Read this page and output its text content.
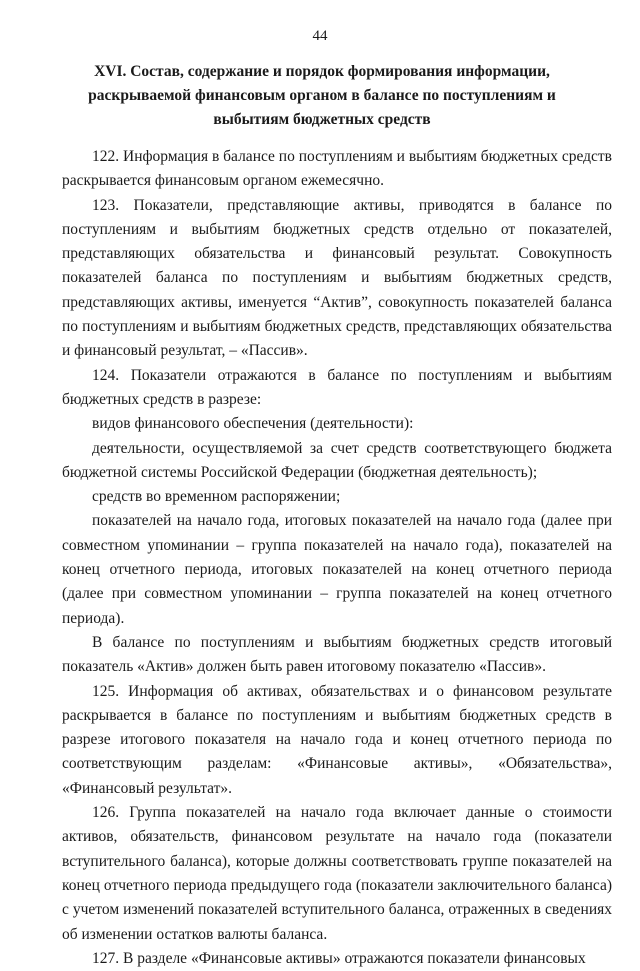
44
XVI. Состав, содержание и порядок формирования информации, раскрываемой финансовым органом в балансе по поступлениям и выбытиям бюджетных средств

122. Информация в балансе по поступлениям и выбытиям бюджетных средств раскрывается финансовым органом ежемесячно.

123. Показатели, представляющие активы, приводятся в балансе по поступлениям и выбытиям бюджетных средств отдельно от показателей, представляющих обязательства и финансовый результат. Совокупность показателей баланса по поступлениям и выбытиям бюджетных средств, представляющих активы, именуется “Актив”, совокупность показателей баланса по поступлениям и выбытиям бюджетных средств, представляющих обязательства и финансовый результат, – «Пассив».

124. Показатели отражаются в балансе по поступлениям и выбытиям бюджетных средств в разрезе:

видов финансового обеспечения (деятельности):

деятельности, осуществляемой за счет средств соответствующего бюджета бюджетной системы Российской Федерации (бюджетная деятельность);

средств во временном распоряжении;

показателей на начало года, итоговых показателей на начало года (далее при совместном упоминании – группа показателей на начало года), показателей на конец отчетного периода, итоговых показателей на конец отчетного периода (далее при совместном упоминании – группа показателей на конец отчетного периода).

В балансе по поступлениям и выбытиям бюджетных средств итоговый показатель «Актив» должен быть равен итоговому показателю «Пассив».

125. Информация об активах, обязательствах и о финансовом результате раскрывается в балансе по поступлениям и выбытиям бюджетных средств в разрезе итогового показателя на начало года и конец отчетного периода по соответствующим разделам: «Финансовые активы», «Обязательства», «Финансовый результат».

126. Группа показателей на начало года включает данные о стоимости активов, обязательств, финансовом результате на начало года (показатели вступительного баланса), которые должны соответствовать группе показателей на конец отчетного периода предыдущего года (показатели заключительного баланса) с учетом изменений показателей вступительного баланса, отраженных в сведениях об изменении остатков валюты баланса.

127. В разделе «Финансовые активы» отражаются показатели финансовых
